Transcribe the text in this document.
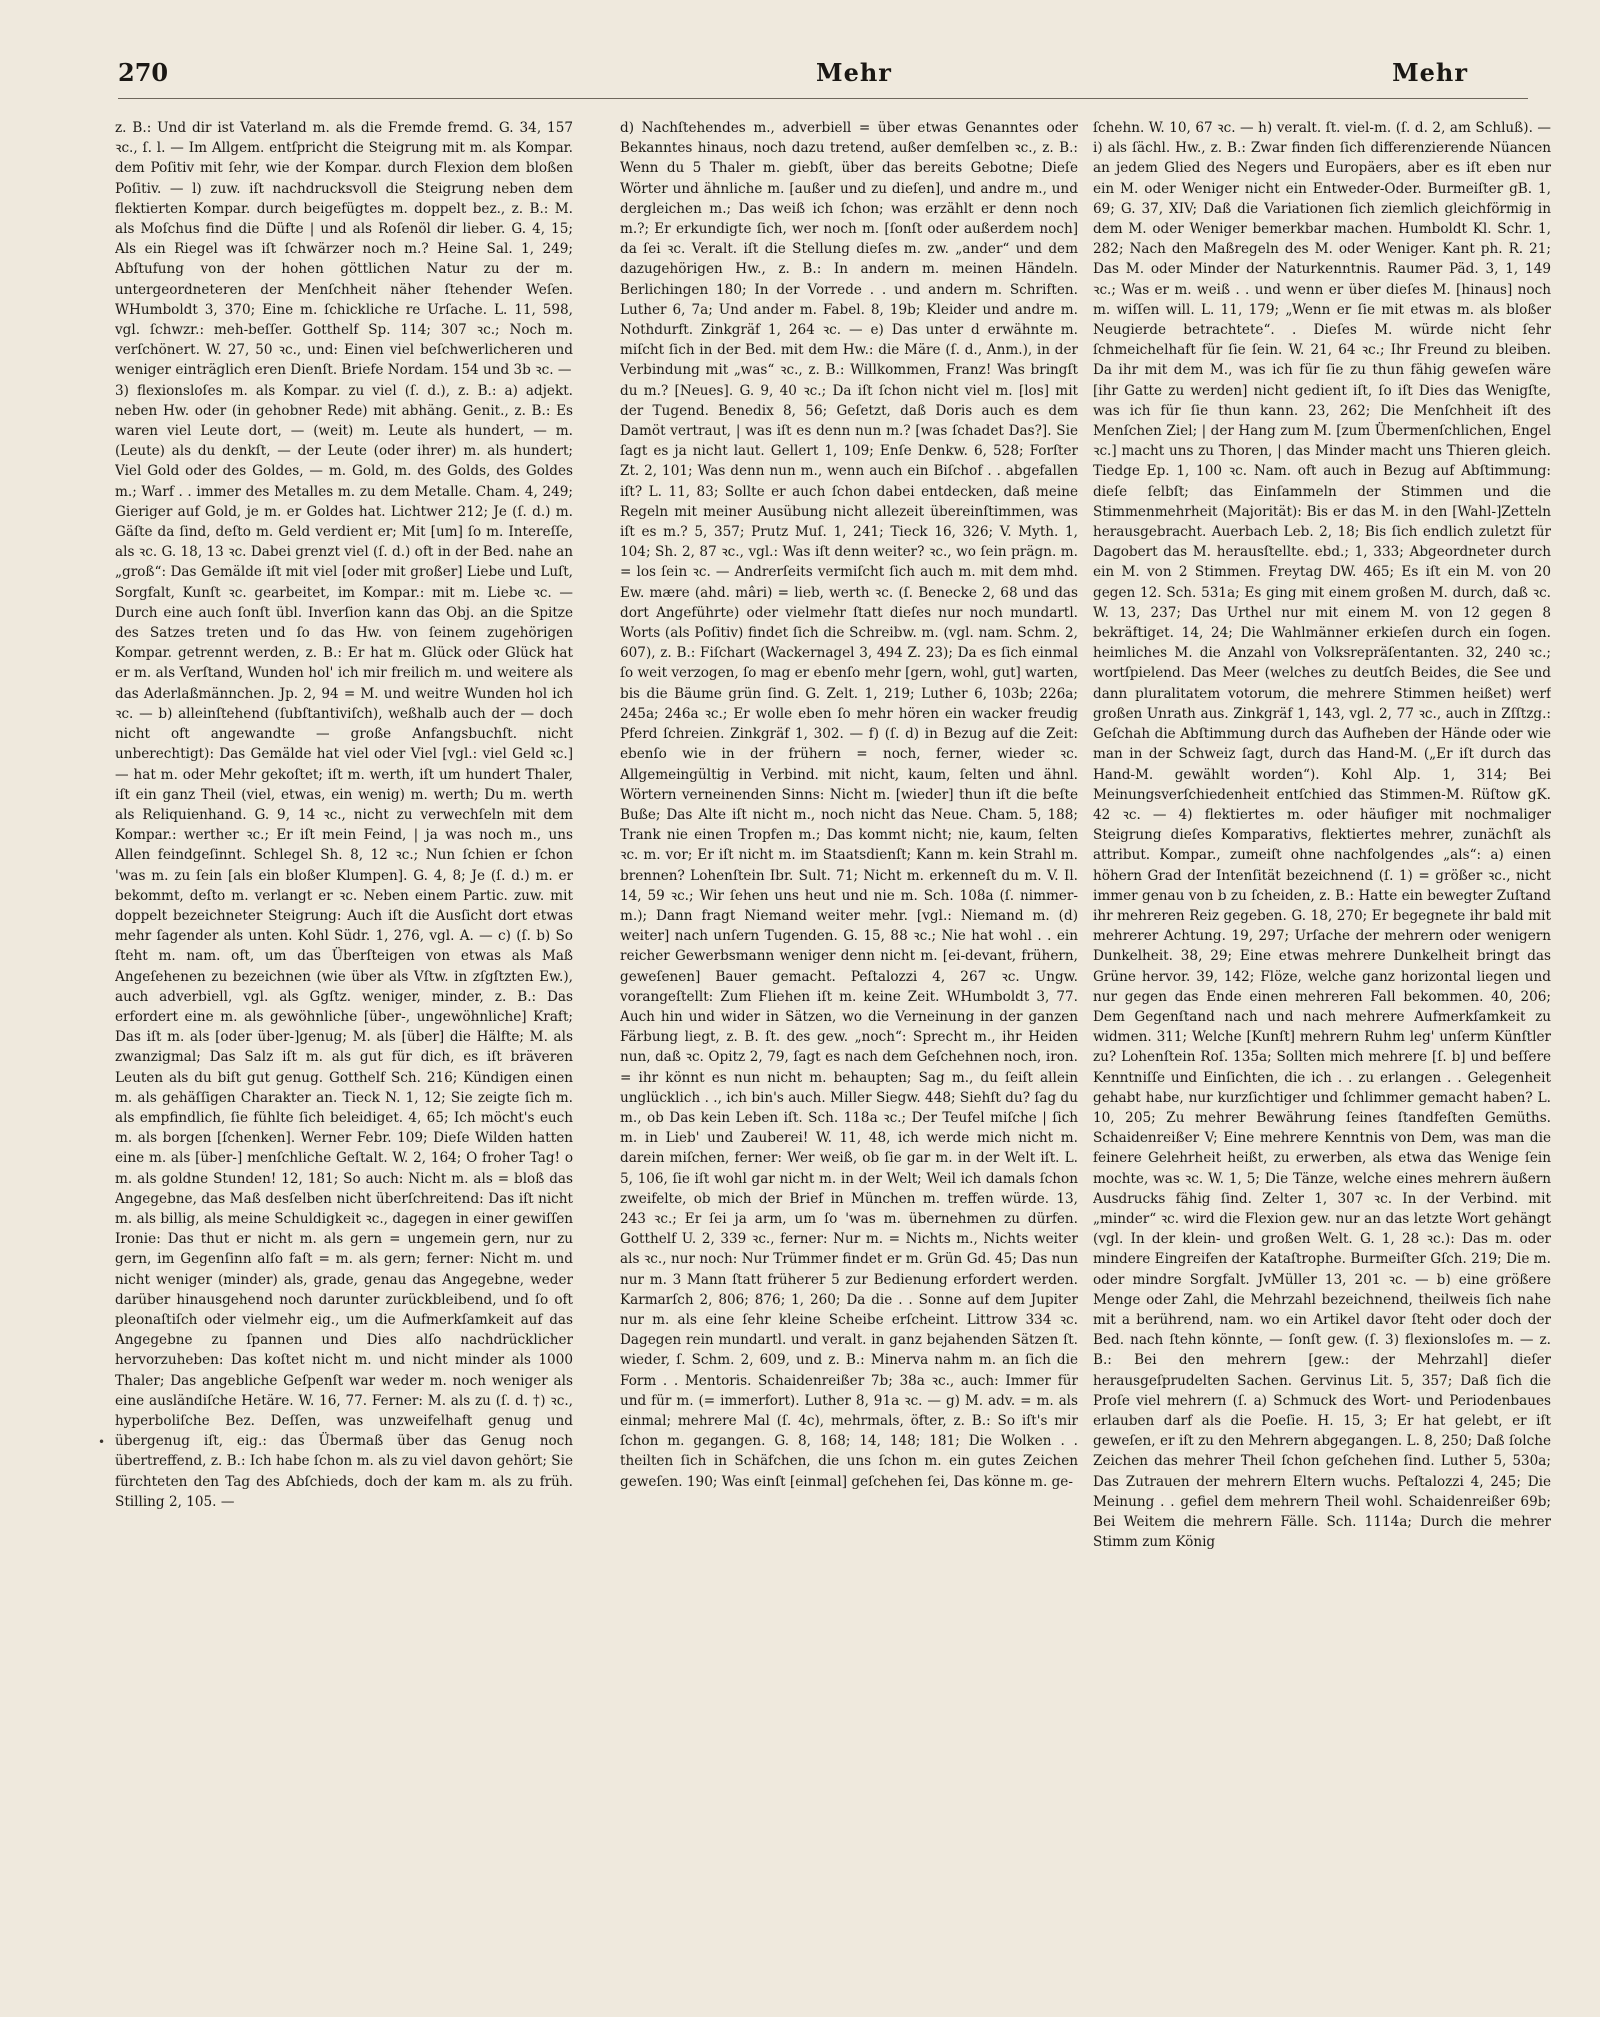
270	Mehr	Mehr

z. B.: Und dir ist Vaterland m. als die Fremde fremd. G. 34, 157 ꝛc., ſ. l. — Im Allgem. entſpricht die Steigrung mit m. als Kompar. dem Poſitiv mit ſehr, wie der Kompar. durch Flexion dem bloßen Poſitiv. — l) zuw. iſt nachdrucksvoll die Steigrung neben dem flektierten Kompar. durch beigefügtes m. doppelt bez., z. B.: M. als Moſchus find die Düfte | und als Roſenöl dir lieber. G. 4, 15; Als ein Riegel was iſt ſchwärzer noch m.? Heine Sal. 1, 249; Abſtufung von der hohen göttlichen Natur zu der m. untergeordneteren der Menſchheit näher ſtehender Weſen. WHumboldt 3, 370; Eine m. ſchickliche re Urſache. L. 11, 598, vgl. ſchwzr.: meh-beſſer. Gotthelf Sp. 114; 307 ꝛc.; Noch m. verſchönert. W. 27, 50 ꝛc., und: Einen viel beſchwerlicheren und weniger einträglich eren Dienſt. Briefe Nordam. 154 und 3b ꝛc. —

3) flexionsloſes m. als Kompar. zu viel (ſ. d.), z. B.: a) adjekt. neben Hw. oder (in gehobner Rede) mit abhäng. Genit., z. B.: Es waren viel Leute dort, — (weit) m. Leute als hundert, — m. (Leute) als du denkſt, — der Leute (oder ihrer) m. als hundert; Viel Gold oder des Goldes, — m. Gold, m. des Golds, des Goldes m.; Warf . . immer des Metalles m. zu dem Metalle. Cham. 4, 249; Gieriger auf Gold, je m. er Goldes hat. Lichtwer 212; Je (ſ. d.) m. Gäſte da ſind, deſto m. Geld verdient er; Mit [um] ſo m. Intereſſe, als ꝛc. G. 18, 13 ꝛc. Dabei grenzt viel (ſ. d.) oft in der Bed. nahe an „groß“: Das Gemälde iſt mit viel [oder mit großer] Liebe und Luſt, Sorgfalt, Kunſt ꝛc. gearbeitet, im Kompar.: mit m. Liebe ꝛc. — Durch eine auch ſonſt übl. Inverſion kann das Obj. an die Spitze des Satzes treten und ſo das Hw. von ſeinem zugehörigen Kompar. getrennt werden, z. B.: Er hat m. Glück oder Glück hat er m. als Verſtand, Wunden hol' ich mir freilich m. und weitere als das Aderlaßmännchen. Jp. 2, 94 = M. und weitre Wunden hol ich ꝛc. — b) alleinſtehend (ſubſtantiviſch), weßhalb auch der — doch nicht oft angewandte — große Anfangsbuchſt. nicht unberechtigt): Das Gemälde hat viel oder Viel [vgl.: viel Geld ꝛc.] — hat m. oder Mehr gekoſtet; iſt m. werth, iſt um hundert Thaler, iſt ein ganz Theil (viel, etwas, ein wenig) m. werth; Du m. werth als Reliquienhand. G. 9, 14 ꝛc., nicht zu verwechſeln mit dem Kompar.: werther ꝛc.; Er iſt mein Feind, | ja was noch m., uns Allen feindgeſinnt. Schlegel Sh. 8, 12 ꝛc.; Nun ſchien er ſchon 'was m. zu ſein [als ein bloßer Klumpen]. G. 4, 8; Je (ſ. d.) m. er bekommt, deſto m. verlangt er ꝛc. Neben einem Partic. zuw. mit doppelt bezeichneter Steigrung: Auch iſt die Ausſicht dort etwas mehr ſagender als unten. Kohl Südr. 1, 276, vgl. A. — c) (ſ. b) So ſteht m. nam. oft, um das Überſteigen von etwas als Maß Angeſehenen zu bezeichnen (wie über als Vſtw. in zſgſtzten Ew.), auch adverbiell, vgl. als Ggſtz. weniger, minder, z. B.: Das erfordert eine m. als gewöhnliche [über-, ungewöhnliche] Kraft; Das iſt m. als [oder über-]genug; M. als [über] die Hälfte; M. als zwanzigmal; Das Salz iſt m. als gut für dich, es iſt bräveren Leuten als du biſt gut genug. Gotthelf Sch. 216; Kündigen einen m. als gehäſſigen Charakter an. Tieck N. 1, 12; Sie zeigte ſich m. als empfindlich, ſie fühlte ſich beleidiget. 4, 65; Ich möcht's euch m. als borgen [ſchenken]. Werner Febr. 109; Dieſe Wilden hatten eine m. als [über-] menſchliche Geſtalt. W. 2, 164; O froher Tag! o m. als goldne Stunden! 12, 181; So auch: Nicht m. als = bloß das Angegebne, das Maß desſelben nicht überſchreitend: Das iſt nicht m. als billig, als meine Schuldigkeit ꝛc., dagegen in einer gewiſſen Ironie: Das thut er nicht m. als gern = ungemein gern, nur zu gern, im Gegenſinn alſo faſt = m. als gern; ferner: Nicht m. und nicht weniger (minder) als, grade, genau das Angegebne, weder darüber hinausgehend noch darunter zurückbleibend, und ſo oft pleonaſtiſch oder vielmehr eig., um die Aufmerkſamkeit auf das Angegebne zu ſpannen und Dies alſo nachdrücklicher hervorzuheben: Das koſtet nicht m. und nicht minder als 1000 Thaler; Das angebliche Geſpenſt war weder m. noch weniger als eine ausländiſche Hetäre. W. 16, 77. Ferner: M. als zu (ſ. d. †) ꝛc., hyperboliſche Bez. Deſſen, was unzweifelhaft genug und übergenug iſt, eig.: das Übermaß über das Genug noch übertreffend, z. B.: Ich habe ſchon m. als zu viel davon gehört; Sie fürchteten den Tag des Abſchieds, doch der kam m. als zu früh. Stilling 2, 105. —

d) Nachſtehendes m., adverbiell = über etwas Genanntes oder Bekanntes hinaus, noch dazu tretend, außer demſelben ꝛc., z. B.: Wenn du 5 Thaler m. giebſt, über das bereits Gebotne; Dieſe Wörter und ähnliche m. [außer und zu dieſen], und andre m., und dergleichen m.; Das weiß ich ſchon; was erzählt er denn noch m.?; Er erkundigte ſich, wer noch m. [ſonſt oder außerdem noch] da ſei ꝛc. Veralt. iſt die Stellung dieſes m. zw. „ander“ und dem dazugehörigen Hw., z. B.: In andern m. meinen Händeln. Berlichingen 180; In der Vorrede . . und andern m. Schriften. Luther 6, 7a; Und ander m. Fabel. 8, 19b; Kleider und andre m. Nothdurft. Zinkgräf 1, 264 ꝛc. — e) Das unter d erwähnte m. miſcht ſich in der Bed. mit dem Hw.: die Märe (ſ. d., Anm.), in der Verbindung mit „was“ ꝛc., z. B.: Willkommen, Franz! Was bringſt du m.? [Neues]. G. 9, 40 ꝛc.; Da iſt ſchon nicht viel m. [los] mit der Tugend. Benedix 8, 56; Geſetzt, daß Doris auch es dem Damöt vertraut, | was iſt es denn nun m.? [was ſchadet Das?]. Sie ſagt es ja nicht laut. Gellert 1, 109; Enſe Denkw. 6, 528; Forſter Zt. 2, 101; Was denn nun m., wenn auch ein Biſchof . . abgefallen iſt? L. 11, 83; Sollte er auch ſchon dabei entdecken, daß meine Regeln mit meiner Ausübung nicht allezeit übereinſtimmen, was iſt es m.? 5, 357; Prutz Muſ. 1, 241; Tieck 16, 326; V. Myth. 1, 104; Sh. 2, 87 ꝛc., vgl.: Was iſt denn weiter? ꝛc., wo ſein prägn. m. = los ſein ꝛc. — Andrerſeits vermiſcht ſich auch m. mit dem mhd. Ew. mære (ahd. mâri) = lieb, werth ꝛc. (ſ. Benecke 2, 68 und das dort Angeführte) oder vielmehr ſtatt dieſes nur noch mundartl. Worts (als Poſitiv) findet ſich die Schreibw. m. (vgl. nam. Schm. 2, 607), z. B.: Fiſchart (Wackernagel 3, 494 Z. 23); Da es ſich einmal ſo weit verzogen, ſo mag er ebenſo mehr [gern, wohl, gut] warten, bis die Bäume grün ſind. G. Zelt. 1, 219; Luther 6, 103b; 226a; 245a; 246a ꝛc.; Er wolle eben ſo mehr hören ein wacker freudig Pferd ſchreien. Zinkgräf 1, 302. — f) (ſ. d) in Bezug auf die Zeit: ebenſo wie in der frühern = noch, ferner, wieder ꝛc. Allgemeingültig in Verbind. mit nicht, kaum, ſelten und ähnl. Wörtern verneinenden Sinns: Nicht m. [wieder] thun iſt die beſte Buße; Das Alte iſt nicht m., noch nicht das Neue. Cham. 5, 188; Trank nie einen Tropfen m.; Das kommt nicht; nie, kaum, ſelten ꝛc. m. vor; Er iſt nicht m. im Staatsdienſt; Kann m. kein Strahl m. brennen? Lohenſtein Ibr. Sult. 71; Nicht m. erkenneſt du m. V. Il. 14, 59 ꝛc.; Wir ſehen uns heut und nie m. Sch. 108a (ſ. nimmer-m.); Dann fragt Niemand weiter mehr. [vgl.: Niemand m. (d) weiter] nach unſern Tugenden. G. 15, 88 ꝛc.; Nie hat wohl . . ein reicher Gewerbsmann weniger denn nicht m. [ei-devant, frühern, geweſenen] Bauer gemacht. Peſtalozzi 4, 267 ꝛc. Ungw. vorangeſtellt: Zum Fliehen iſt m. keine Zeit. WHumboldt 3, 77. Auch hin und wider in Sätzen, wo die Verneinung in der ganzen Färbung liegt, z. B. ſt. des gew. „noch“: Sprecht m., ihr Heiden nun, daß ꝛc. Opitz 2, 79, ſagt es nach dem Geſchehnen noch, iron. = ihr könnt es nun nicht m. behaupten; Sag m., du ſeiſt allein unglücklich . ., ich bin's auch. Miller Siegw. 448; Siehſt du? ſag du m., ob Das kein Leben iſt. Sch. 118a ꝛc.; Der Teufel miſche | ſich m. in Lieb' und Zauberei! W. 11, 48, ich werde mich nicht m. darein miſchen, ferner: Wer weiß, ob ſie gar m. in der Welt iſt. L. 5, 106, ſie iſt wohl gar nicht m. in der Welt; Weil ich damals ſchon zweifelte, ob mich der Brief in München m. treffen würde. 13, 243 ꝛc.; Er ſei ja arm, um ſo 'was m. übernehmen zu dürfen. Gotthelf U. 2, 339 ꝛc., ferner: Nur m. = Nichts m., Nichts weiter als ꝛc., nur noch: Nur Trümmer findet er m. Grün Gd. 45; Das nun nur m. 3 Mann ſtatt früherer 5 zur Bedienung erfordert werden. Karmarſch 2, 806; 876; 1, 260; Da die . . Sonne auf dem Jupiter nur m. als eine ſehr kleine Scheibe erſcheint. Littrow 334 ꝛc. Dagegen rein mundartl. und veralt. in ganz bejahenden Sätzen ſt. wieder, ſ. Schm. 2, 609, und z. B.: Minerva nahm m. an ſich die Form . . Mentoris. Schaidenreißer 7b; 38a ꝛc., auch: Immer für und für m. (= immerfort). Luther 8, 91a ꝛc. — g) M. adv. = m. als einmal; mehrere Mal (ſ. 4c), mehrmals, öfter, z. B.: So iſt's mir ſchon m. gegangen. G. 8, 168; 14, 148; 181; Die Wolken . . theilten ſich in Schäfchen, die uns ſchon m. ein gutes Zeichen geweſen. 190; Was einſt [einmal] geſchehen ſei, Das könne m. ge-

ſchehn. W. 10, 67 ꝛc. — h) veralt. ſt. viel-m. (ſ. d. 2, am Schluß). — i) als ſächl. Hw., z. B.: Zwar finden ſich differenzierende Nüancen an jedem Glied des Negers und Europäers, aber es iſt eben nur ein M. oder Weniger nicht ein Entweder-Oder. Burmeiſter gB. 1, 69; G. 37, XIV; Daß die Variationen ſich ziemlich gleichförmig in dem M. oder Weniger bemerkbar machen. Humboldt Kl. Schr. 1, 282; Nach den Maßregeln des M. oder Weniger. Kant ph. R. 21; Das M. oder Minder der Naturkenntnis. Raumer Päd. 3, 1, 149 ꝛc.; Was er m. weiß . . und wenn er über dieſes M. [hinaus] noch m. wiſſen will. L. 11, 179; „Wenn er ſie mit etwas m. als bloßer Neugierde betrachtete“. . Dieſes M. würde nicht ſehr ſchmeichelhaft für ſie ſein. W. 21, 64 ꝛc.; Ihr Freund zu bleiben. Da ihr mit dem M., was ich für ſie zu thun fähig geweſen wäre [ihr Gatte zu werden] nicht gedient iſt, ſo iſt Dies das Wenigſte, was ich für ſie thun kann. 23, 262; Die Menſchheit iſt des Menſchen Ziel; | der Hang zum M. [zum Übermenſchlichen, Engel ꝛc.] macht uns zu Thoren, | das Minder macht uns Thieren gleich. Tiedge Ep. 1, 100 ꝛc. Nam. oft auch in Bezug auf Abſtimmung: dieſe ſelbſt; das Einſammeln der Stimmen und die Stimmenmehrheit (Majorität): Bis er das M. in den [Wahl-]Zetteln herausgebracht. Auerbach Leb. 2, 18; Bis ſich endlich zuletzt für Dagobert das M. herausſtellte. ebd.; 1, 333; Abgeordneter durch ein M. von 2 Stimmen. Freytag DW. 465; Es iſt ein M. von 20 gegen 12. Sch. 531a; Es ging mit einem großen M. durch, daß ꝛc. W. 13, 237; Das Urthel nur mit einem M. von 12 gegen 8 bekräftiget. 14, 24; Die Wahlmänner erkieſen durch ein ſogen. heimliches M. die Anzahl von Volksrepräſentanten. 32, 240 ꝛc.; wortſpielend. Das Meer (welches zu deutſch Beides, die See und dann pluralitatem votorum, die mehrere Stimmen heißet) werf großen Unrath aus. Zinkgräf 1, 143, vgl. 2, 77 ꝛc., auch in Zſſtzg.: Geſchah die Abſtimmung durch das Aufheben der Hände oder wie man in der Schweiz ſagt, durch das Hand-M. („Er iſt durch das Hand-M. gewählt worden“). Kohl Alp. 1, 314; Bei Meinungsverſchiedenheit entſchied das Stimmen-M. Rüſtow gK. 42 ꝛc. — 4) flektiertes m. oder häufiger mit nochmaliger Steigrung dieſes Komparativs, flektiertes mehrer, zunächſt als attribut. Kompar., zumeiſt ohne nachfolgendes „als“: a) einen höhern Grad der Intenſität bezeichnend (ſ. 1) = größer ꝛc., nicht immer genau von b zu ſcheiden, z. B.: Hatte ein bewegter Zuſtand ihr mehreren Reiz gegeben. G. 18, 270; Er begegnete ihr bald mit mehrerer Achtung. 19, 297; Urſache der mehrern oder wenigern Dunkelheit. 38, 29; Eine etwas mehrere Dunkelheit bringt das Grüne hervor. 39, 142; Flöze, welche ganz horizontal liegen und nur gegen das Ende einen mehreren Fall bekommen. 40, 206; Dem Gegenſtand nach und nach mehrere Aufmerkſamkeit zu widmen. 311; Welche [Kunſt] mehrern Ruhm leg' unſerm Künſtler zu? Lohenſtein Roſ. 135a; Sollten mich mehrere [ſ. b] und beſſere Kenntniſſe und Einſichten, die ich . . zu erlangen . . Gelegenheit gehabt habe, nur kurzſichtiger und ſchlimmer gemacht haben? L. 10, 205; Zu mehrer Bewährung ſeines ſtandfeſten Gemüths. Schaidenreißer V; Eine mehrere Kenntnis von Dem, was man die feinere Gelehrheit heißt, zu erwerben, als etwa das Wenige ſein mochte, was ꝛc. W. 1, 5; Die Tänze, welche eines mehrern äußern Ausdrucks fähig ſind. Zelter 1, 307 ꝛc. In der Verbind. mit „minder“ ꝛc. wird die Flexion gew. nur an das letzte Wort gehängt (vgl. In der klein- und großen Welt. G. 1, 28 ꝛc.): Das m. oder mindere Eingreifen der Kataſtrophe. Burmeiſter Gſch. 219; Die m. oder mindre Sorgfalt. JvMüller 13, 201 ꝛc. — b) eine größere Menge oder Zahl, die Mehrzahl bezeichnend, theilweis ſich nahe mit a berührend, nam. wo ein Artikel davor ſteht oder doch der Bed. nach ſtehn könnte, — ſonſt gew. (ſ. 3) flexionsloſes m. — z. B.: Bei den mehrern [gew.: der Mehrzahl] dieſer herausgeſprudelten Sachen. Gervinus Lit. 5, 357; Daß ſich die Proſe viel mehrern (ſ. a) Schmuck des Wort- und Periodenbaues erlauben darf als die Poeſie. H. 15, 3; Er hat gelebt, er iſt geweſen, er iſt zu den Mehrern abgegangen. L. 8, 250; Daß ſolche Zeichen das mehrer Theil ſchon geſchehen ſind. Luther 5, 530a; Das Zutrauen der mehrern Eltern wuchs. Peſtalozzi 4, 245; Die Meinung . . gefiel dem mehrern Theil wohl. Schaidenreißer 69b; Bei Weitem die mehrern Fälle. Sch. 1114a; Durch die mehrer Stimm zum König

•
